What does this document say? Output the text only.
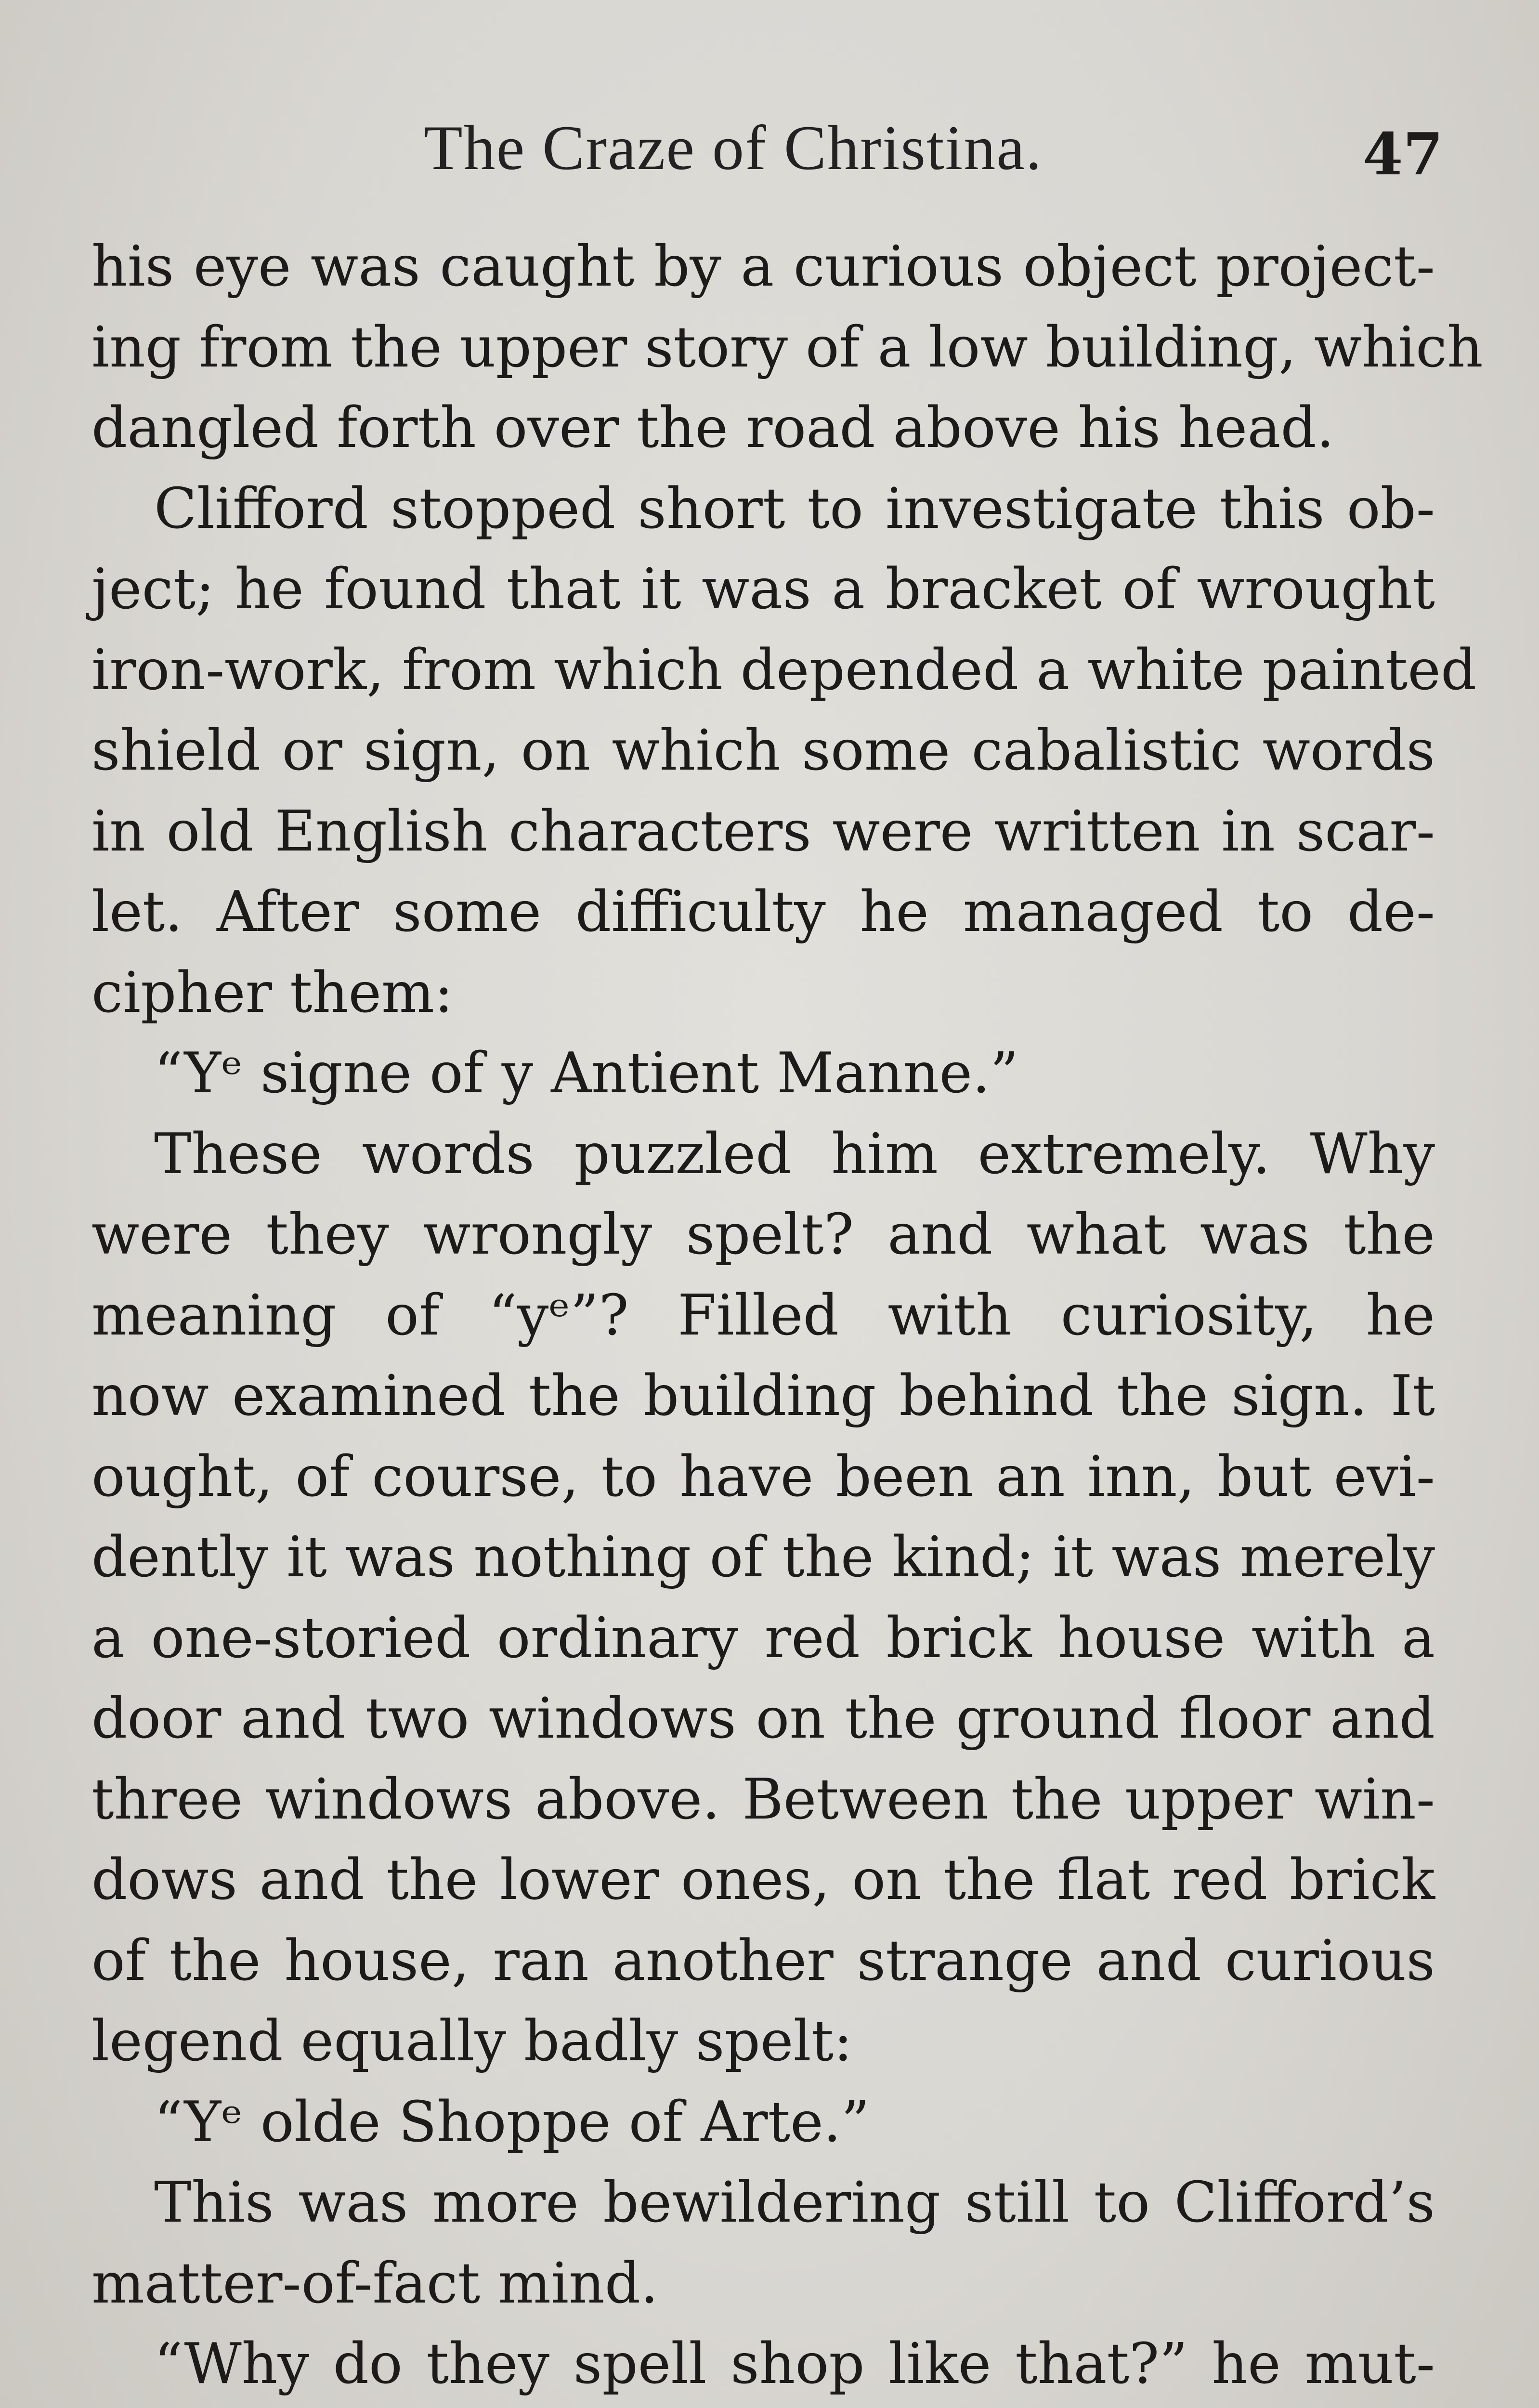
The Craze of Christina.	47
his eye was caught by a curious object project-
ing from the upper story of a low building, which
dangled forth over the road above his head.
Clifford stopped short to investigate this ob-
ject; he found that it was a bracket of wrought
iron-work, from which depended a white painted
shield or sign, on which some cabalistic words
in old English characters were written in scar-
let. After some difficulty he managed to de-
cipher them:
“Yᵉ signe of y Antient Manne.”
These words puzzled him extremely. Why
were they wrongly spelt? and what was the
meaning of “yᵉ”? Filled with curiosity, he
now examined the building behind the sign. It
ought, of course, to have been an inn, but evi-
dently it was nothing of the kind; it was merely
a one-storied ordinary red brick house with a
door and two windows on the ground floor and
three windows above. Between the upper win-
dows and the lower ones, on the flat red brick
of the house, ran another strange and curious
legend equally badly spelt:
“Yᵉ olde Shoppe of Arte.”
This was more bewildering still to Clifford’s
matter-of-fact mind.
“Why do they spell shop like that?” he mut-
